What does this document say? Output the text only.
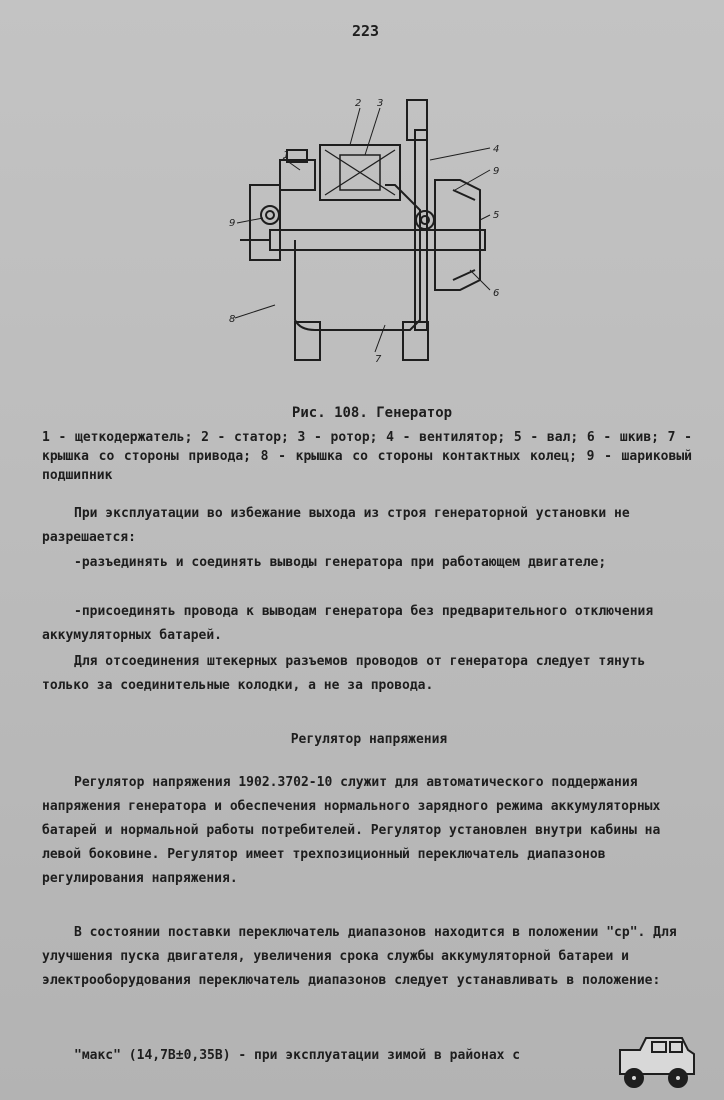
223
1
2 3
4
5
6
7
8
9
9
Рис. 108. Генератор
1 - щеткодержатель; 2 - статор; 3 - ротор; 4 - вентилятор; 5 - вал; 6 - шкив; 7 - крышка со стороны привода; 8 - крышка со стороны контактных колец; 9 - шариковый подшипник
При эксплуатации во избежание выхода из строя генераторной установки не разрешается:
-разъединять и соединять выводы генератора при работающем двигателе;
-присоединять провода к выводам генератора без предварительного отключения аккумуляторных батарей.
Для отсоединения штекерных разъемов проводов от генератора следует тянуть только за соединительные колодки, а не за провода.
Регулятор напряжения
Регулятор напряжения 1902.3702-10 служит для автоматического поддержания напряжения генератора и обеспечения нормального зарядного режима аккумуляторных батарей и нормальной работы потребителей. Регулятор установлен внутри кабины на левой боковине. Регулятор имеет трехпозиционный переключатель диапазонов регулирования напряжения.
В состоянии поставки переключатель диапазонов находится в положении "ср". Для улучшения пуска двигателя, увеличения срока службы аккумуляторной батареи и электрооборудования переключатель диапазонов следует устанавливать в положение:
"макс" (14,7В±0,35В) - при эксплуатации зимой в районах с
